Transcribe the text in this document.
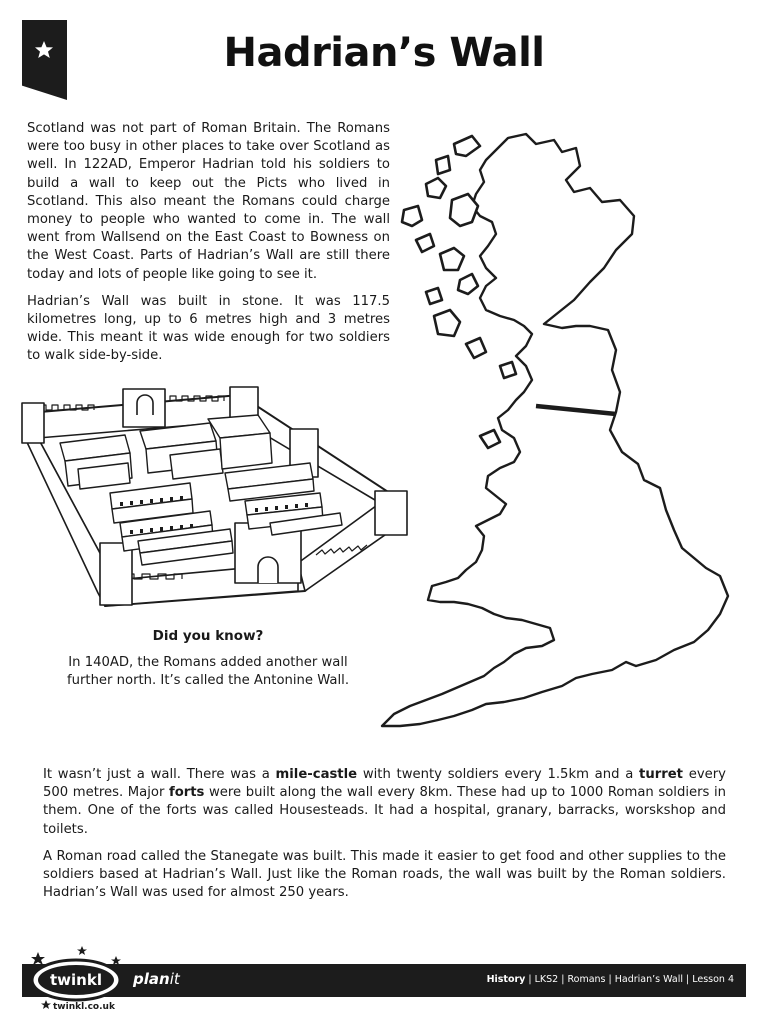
Hadrian’s Wall

Scotland was not part of Roman Britain. The Romans were too busy in other places to take over Scotland as well. In 122AD, Emperor Hadrian told his soldiers to build a wall to keep out the Picts who lived in Scotland. This also meant the Romans could charge money to people who wanted to come in. The wall went from Wallsend on the East Coast to Bowness on the West Coast. Parts of Hadrian’s Wall are still there today and lots of people like going to see it.

Hadrian’s Wall was built in stone. It was 117.5 kilometres long, up to 6 metres high and 3 metres wide. This meant it was wide enough for two soldiers to walk side-by-side.

Did you know?

In 140AD, the Romans added another wall further north. It’s called the Antonine Wall.

It wasn’t just a wall. There was a mile-castle with twenty soldiers every 1.5km and a turret every 500 metres. Major forts were built along the wall every 8km. These had up to 1000 Roman soldiers in them. One of the forts was called Housesteads. It had a hospital, granary, barracks, worskshop and toilets.

A Roman road called the Stanegate was built. This made it easier to get food and other supplies to the soldiers based at Hadrian’s Wall. Just like the Roman roads, the wall was built by the Roman soldiers. Hadrian’s Wall was used for almost 250 years.

twinkl planit	History | LKS2 | Romans | Hadrian’s Wall | Lesson 4
twinkl.co.uk
